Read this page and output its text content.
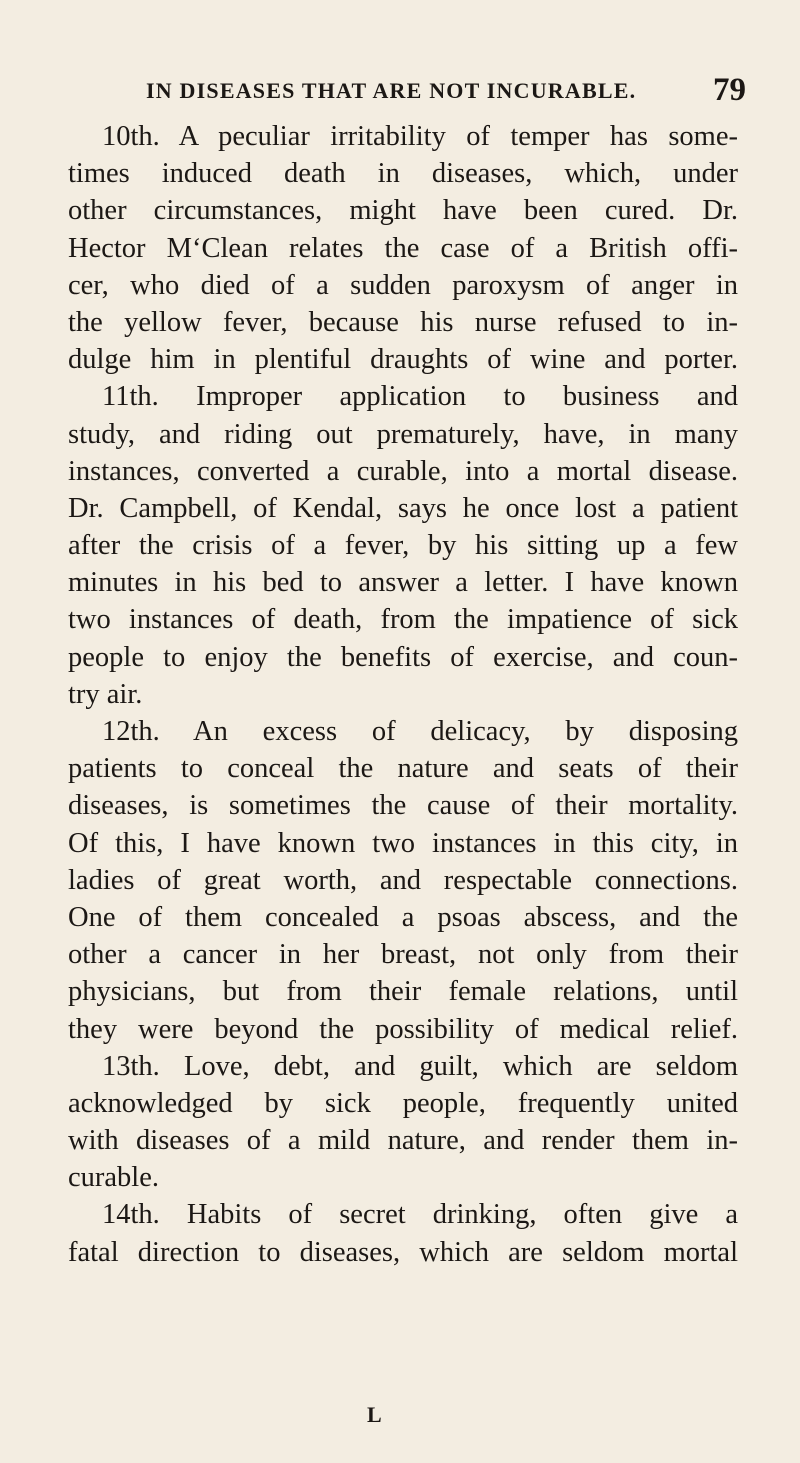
IN DISEASES THAT ARE NOT INCURABLE. 79
10th. A peculiar irritability of temper has some-
times induced death in diseases, which, under
other circumstances, might have been cured. Dr.
Hector M‘Clean relates the case of a British offi-
cer, who died of a sudden paroxysm of anger in
the yellow fever, because his nurse refused to in-
dulge him in plentiful draughts of wine and porter.
11th. Improper application to business and
study, and riding out prematurely, have, in many
instances, converted a curable, into a mortal disease.
Dr. Campbell, of Kendal, says he once lost a patient
after the crisis of a fever, by his sitting up a few
minutes in his bed to answer a letter. I have known
two instances of death, from the impatience of sick
people to enjoy the benefits of exercise, and coun-
try air.
12th. An excess of delicacy, by disposing
patients to conceal the nature and seats of their
diseases, is sometimes the cause of their mortality.
Of this, I have known two instances in this city, in
ladies of great worth, and respectable connections.
One of them concealed a psoas abscess, and the
other a cancer in her breast, not only from their
physicians, but from their female relations, until
they were beyond the possibility of medical relief.
13th. Love, debt, and guilt, which are seldom
acknowledged by sick people, frequently united
with diseases of a mild nature, and render them in-
curable.
14th. Habits of secret drinking, often give a
fatal direction to diseases, which are seldom mortal
L
